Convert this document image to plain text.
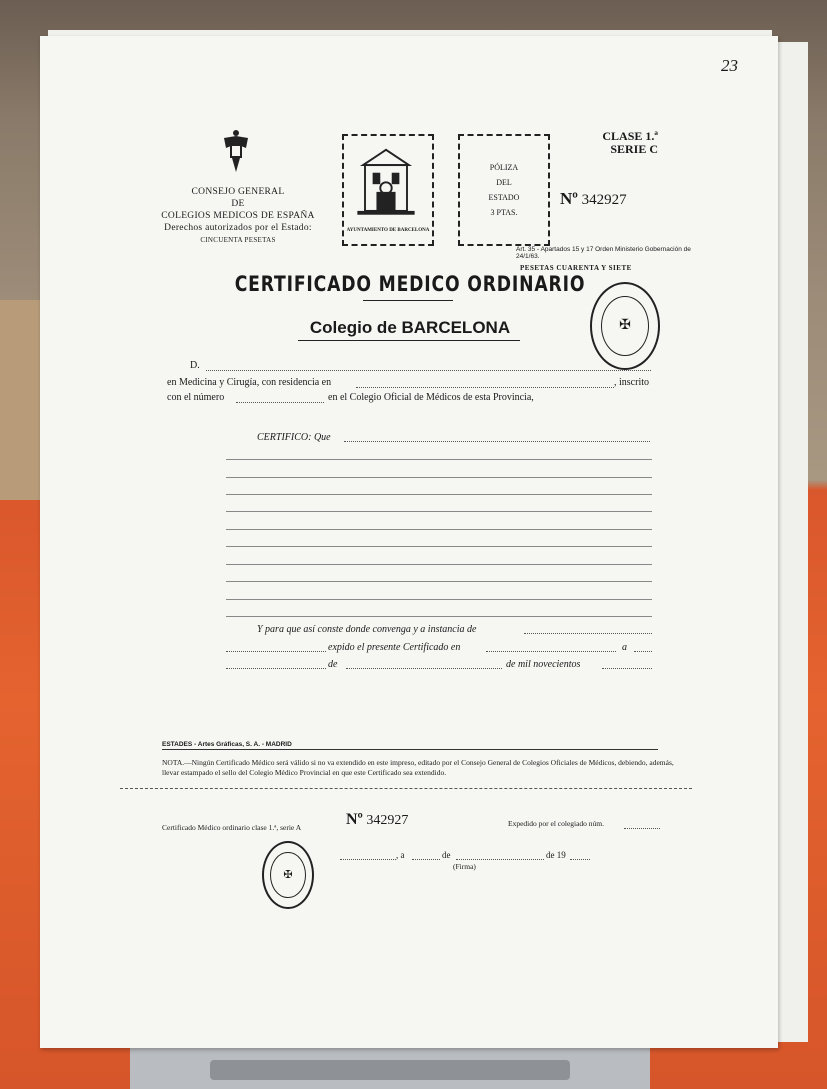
23
CONSEJO GENERAL
DE
COLEGIOS MEDICOS DE ESPAÑA
Derechos autorizados por el Estado:
CINCUENTA PESETAS
AYUNTAMIENTO DE BARCELONA
PÓLIZA
DEL
ESTADO
3 PTAS.
CLASE 1.ª
SERIE C
Nº 342927
Art. 35 - Apartados 15 y 17 Orden Ministerio Gobernación de 24/1/63.
PESETAS CUARENTA Y SIETE
CERTIFICADO MEDICO ORDINARIO
Colegio de BARCELONA	✠
D.
en Medicina y Cirugía, con residencia en	, inscrito
con el número	en el Colegio Oficial de Médicos de esta Provincia,
CERTIFICO: Que
Y para que así conste donde convenga y a instancia de
expido el presente Certificado en	a
de	de mil novecientos
ESTADES - Artes Gráficas, S. A. - MADRID
NOTA.—Ningún Certificado Médico será válido si no va extendido en este impreso, editado por el Consejo General de Colegios Oficiales de Médicos, debiendo, además, llevar estampado el sello del Colegio Médico Provincial en que este Certificado sea extendido.
Certificado Médico ordinario clase 1.ª, serie A	Nº 342927	Expedido por el colegiado núm.
✠
, a	de	de 19
(Firma)
